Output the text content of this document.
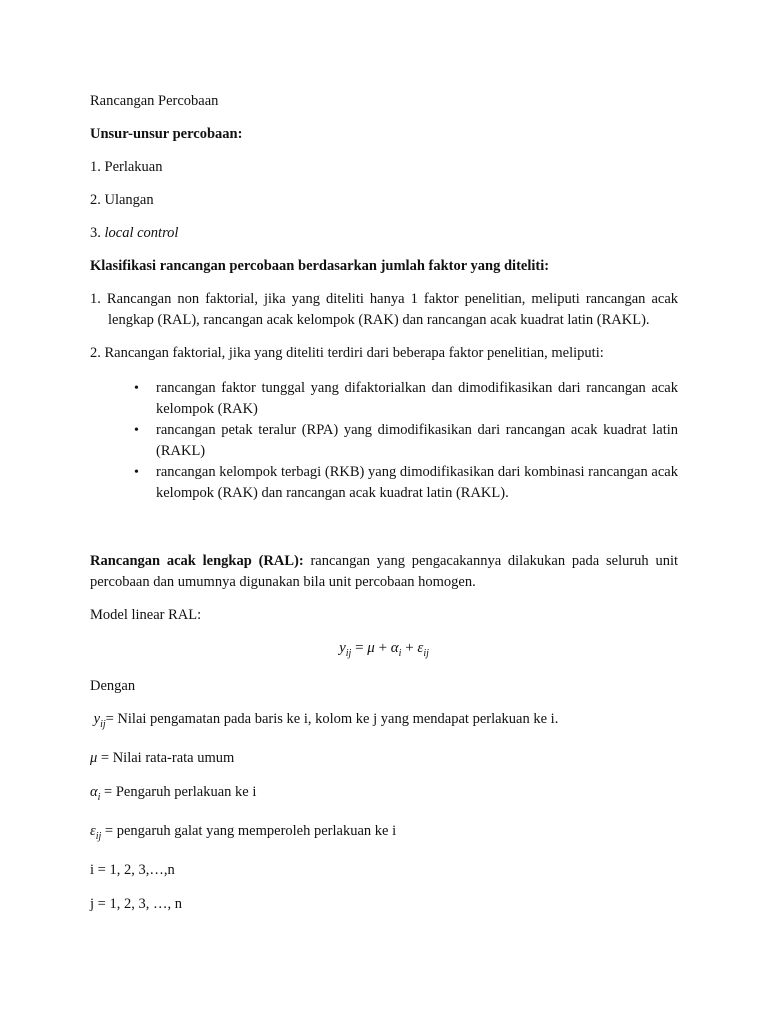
Rancangan Percobaan

Unsur-unsur percobaan:

1. Perlakuan

2. Ulangan

3. local control

Klasifikasi rancangan percobaan berdasarkan jumlah faktor yang diteliti:

1. Rancangan non faktorial, jika yang diteliti hanya 1 faktor penelitian, meliputi rancangan acak lengkap (RAL), rancangan acak kelompok (RAK) dan rancangan acak kuadrat latin (RAKL).

2. Rancangan faktorial, jika yang diteliti terdiri dari beberapa faktor penelitian, meliputi:

• rancangan faktor tunggal yang difaktorialkan dan dimodifikasikan dari rancangan acak kelompok (RAK)
• rancangan petak teralur (RPA) yang dimodifikasikan dari rancangan acak kuadrat latin (RAKL)
• rancangan kelompok terbagi (RKB) yang dimodifikasikan dari kombinasi rancangan acak kelompok (RAK) dan rancangan acak kuadrat latin (RAKL).

Rancangan acak lengkap (RAL): rancangan yang pengacakannya dilakukan pada seluruh unit percobaan dan umumnya digunakan bila unit percobaan homogen.

Model linear RAL:

$y_{ij} = \mu + \alpha_i + \varepsilon_{ij}$

Dengan

$y_{ij}=$ Nilai pengamatan pada baris ke i, kolom ke j yang mendapat perlakuan ke i.

μ = Nilai rata-rata umum

$\alpha_i$ = Pengaruh perlakuan ke i

$\varepsilon_{ij}$ = pengaruh galat yang memperoleh perlakuan ke i

i = 1, 2, 3,…,n

j = 1, 2, 3, …, n
